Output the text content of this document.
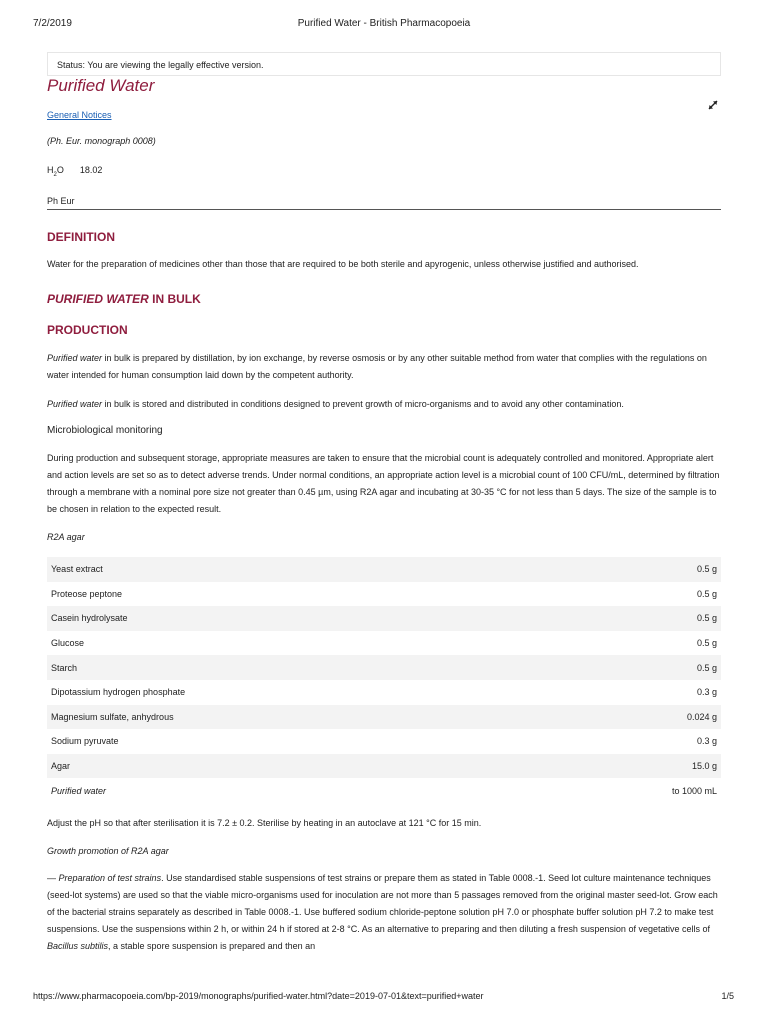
7/2/2019	Purified Water - British Pharmacopoeia
Status: You are viewing the legally effective version.
Purified Water
General Notices
(Ph. Eur. monograph 0008)
$H_2O$ 18.02
Ph Eur
DEFINITION

Water for the preparation of medicines other than those that are required to be both sterile and apyrogenic, unless otherwise justified and authorised.

PURIFIED WATER IN BULK
PRODUCTION

Purified water in bulk is prepared by distillation, by ion exchange, by reverse osmosis or by any other suitable method from water that complies with the regulations on water intended for human consumption laid down by the competent authority.

Purified water in bulk is stored and distributed in conditions designed to prevent growth of micro-organisms and to avoid any other contamination.

Microbiological monitoring

During production and subsequent storage, appropriate measures are taken to ensure that the microbial count is adequately controlled and monitored. Appropriate alert and action levels are set so as to detect adverse trends. Under normal conditions, an appropriate action level is a microbial count of 100 CFU/mL, determined by filtration through a membrane with a nominal pore size not greater than 0.45 µm, using R2A agar and incubating at 30-35 °C for not less than 5 days. The size of the sample is to be chosen in relation to the expected result.

R2A agar
Yeast extract	0.5 g
Proteose peptone	0.5 g
Casein hydrolysate	0.5 g
Glucose	0.5 g
Starch	0.5 g
Dipotassium hydrogen phosphate	0.3 g
Magnesium sulfate, anhydrous	0.024 g
Sodium pyruvate	0.3 g
Agar	15.0 g
Purified water	to 1000 mL

Adjust the pH so that after sterilisation it is 7.2 ± 0.2. Sterilise by heating in an autoclave at 121 °C for 15 min.

Growth promotion of R2A agar

— Preparation of test strains. Use standardised stable suspensions of test strains or prepare them as stated in Table 0008.-1. Seed lot culture maintenance techniques (seed-lot systems) are used so that the viable micro-organisms used for inoculation are not more than 5 passages removed from the original master seed-lot. Grow each of the bacterial strains separately as described in Table 0008.-1. Use buffered sodium chloride-peptone solution pH 7.0 or phosphate buffer solution pH 7.2 to make test suspensions. Use the suspensions within 2 h, or within 24 h if stored at 2-8 °C. As an alternative to preparing and then diluting a fresh suspension of vegetative cells of Bacillus subtilis, a stable spore suspension is prepared and then an

https://www.pharmacopoeia.com/bp-2019/monographs/purified-water.html?date=2019-07-01&text=purified+water	1/5
